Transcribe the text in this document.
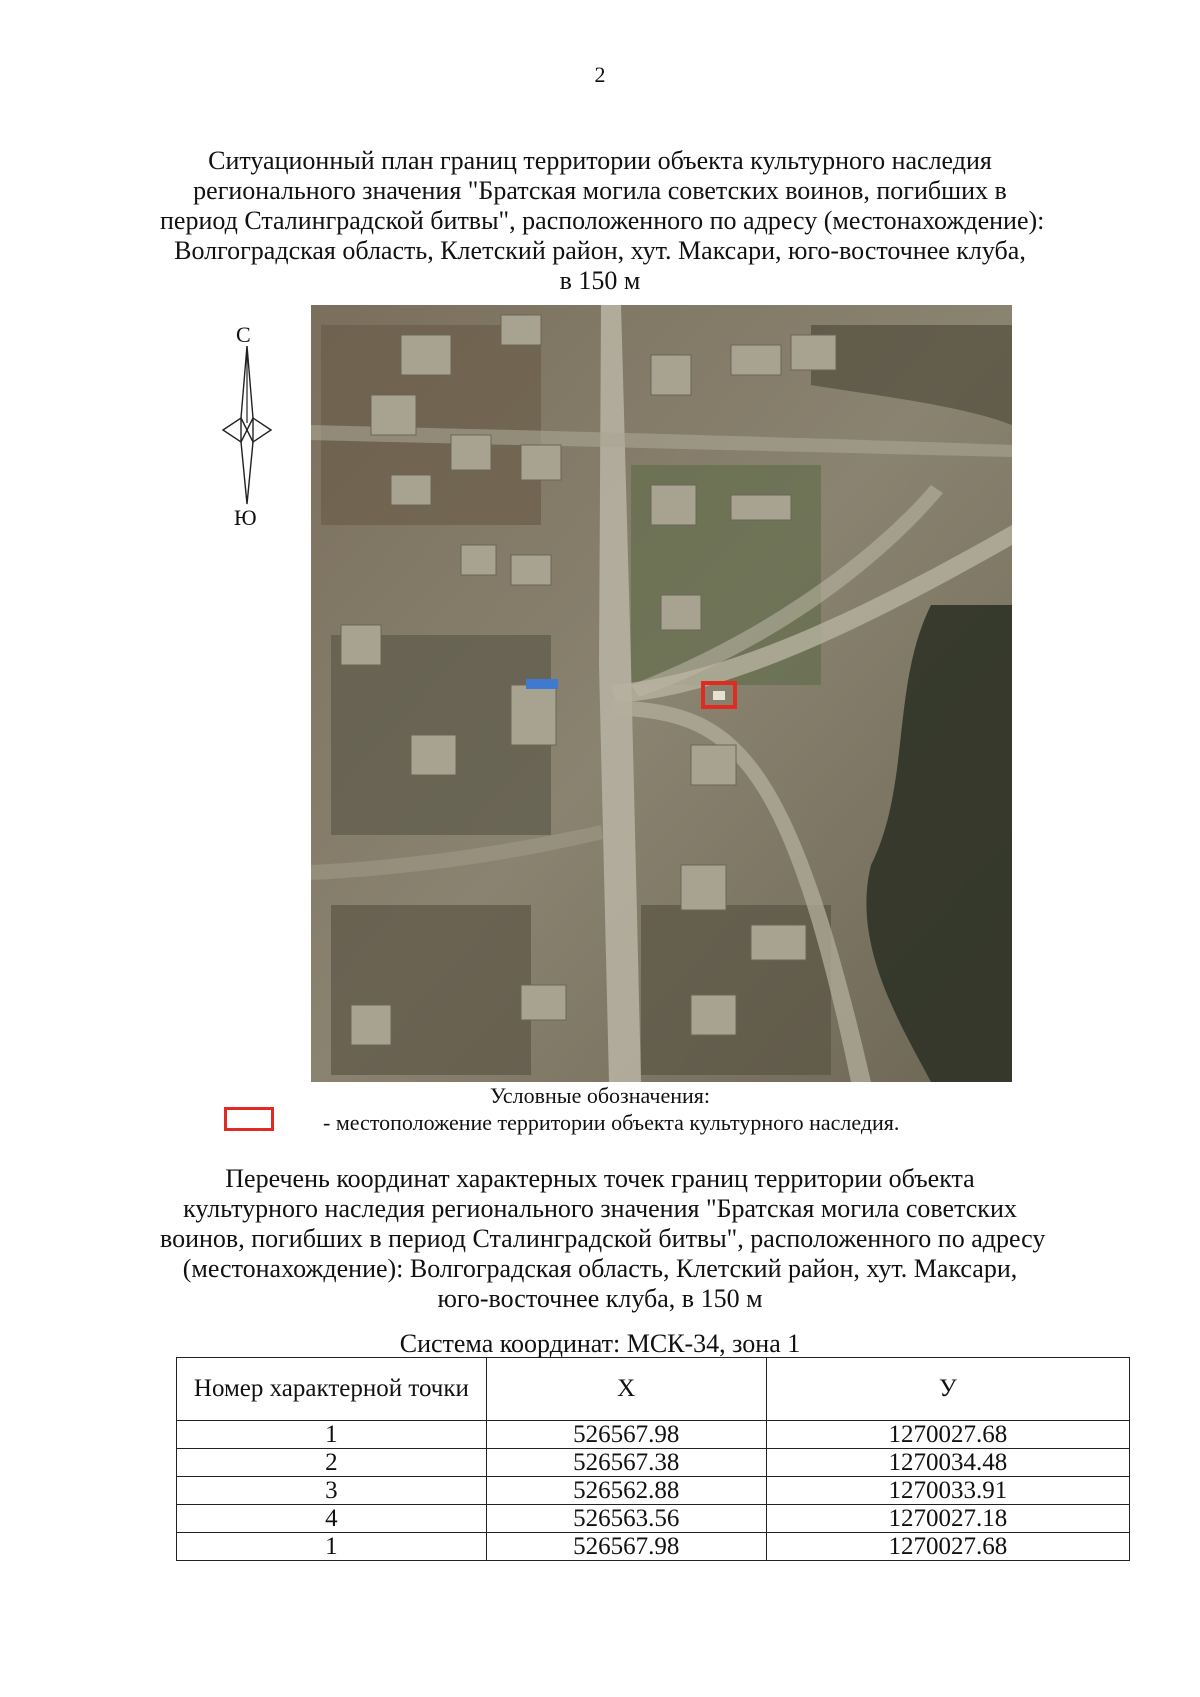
2
Ситуационный план границ территории объекта культурного наследия
регионального значения "Братская могила советских воинов, погибших в
период Сталинградской битвы", расположенного по адресу (местонахождение):
Волгоградская область, Клетский район, хут. Максари, юго-восточнее клуба,
в 150 м
С
Ю
Условные обозначения:
- местоположение территории объекта культурного наследия.
Перечень координат характерных точек границ территории объекта
культурного наследия регионального значения "Братская могила советских
воинов, погибших в период Сталинградской битвы", расположенного по адресу
(местонахождение): Волгоградская область, Клетский район, хут. Максари,
юго-восточнее клуба, в 150 м
Система координат: МСК-34, зона 1
Номер характерной точки	X	У
1	526567.98	1270027.68
2	526567.38	1270034.48
3	526562.88	1270033.91
4	526563.56	1270027.18
1	526567.98	1270027.68
